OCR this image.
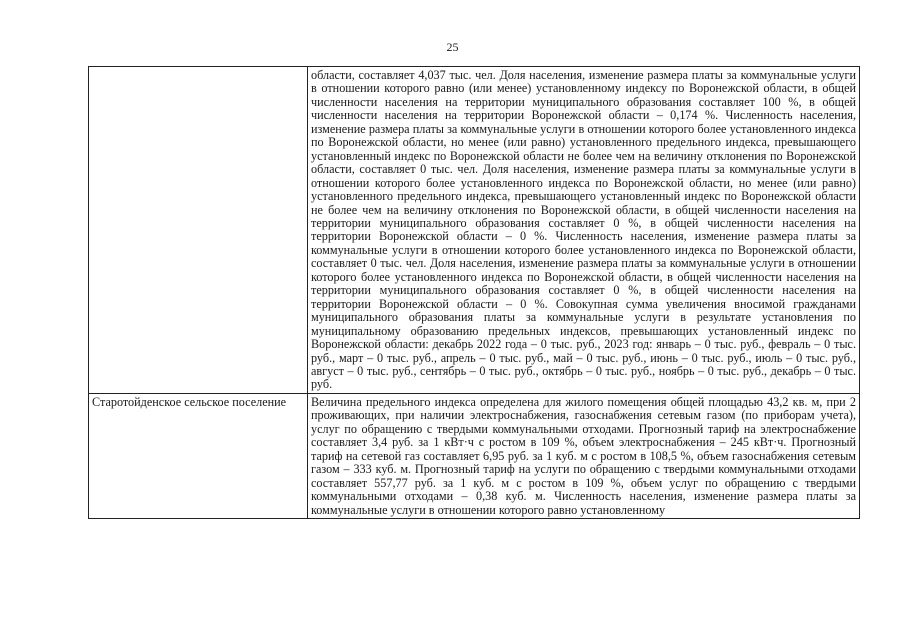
25

	области, составляет 4,037 тыс. чел. Доля населения, изменение размера платы за коммунальные услуги в отношении которого равно (или менее) установленному индексу по Воронежской области, в общей численности населения на территории муниципального образования составляет 100 %, в общей численности населения на территории Воронежской области – 0,174 %. Численность населения, изменение размера платы за коммунальные услуги в отношении которого более установленного индекса по Воронежской области, но менее (или равно) установленного предельного индекса, превышающего установленный индекс по Воронежской области не более чем на величину отклонения по Воронежской области, составляет 0 тыс. чел. Доля населения, изменение размера платы за коммунальные услуги в отношении которого более установленного индекса по Воронежской области, но менее (или равно) установленного предельного индекса, превышающего установленный индекс по Воронежской области не более чем на величину отклонения по Воронежской области, в общей численности населения на территории муниципального образования составляет 0 %, в общей численности населения на территории Воронежской области – 0 %. Численность населения, изменение размера платы за коммунальные услуги в отношении которого более установленного индекса по Воронежской области, составляет 0 тыс. чел. Доля населения, изменение размера платы за коммунальные услуги в отношении которого более установленного индекса по Воронежской области, в общей численности населения на территории муниципального образования составляет 0 %, в общей численности населения на территории Воронежской области – 0 %. Совокупная сумма увеличения вносимой гражданами муниципального образования платы за коммунальные услуги в результате установления по муниципальному образованию предельных индексов, превышающих установленный индекс по Воронежской области: декабрь 2022 года – 0 тыс. руб., 2023 год: январь – 0 тыс. руб., февраль – 0 тыс. руб., март – 0 тыс. руб., апрель – 0 тыс. руб., май – 0 тыс. руб., июнь – 0 тыс. руб., июль – 0 тыс. руб., август – 0 тыс. руб., сентябрь – 0 тыс. руб., октябрь – 0 тыс. руб., ноябрь – 0 тыс. руб., декабрь – 0 тыс. руб.

Старотойденское сельское поселение	Величина предельного индекса определена для жилого помещения общей площадью 43,2 кв. м, при 2 проживающих, при наличии электроснабжения, газоснабжения сетевым газом (по приборам учета), услуг по обращению с твердыми коммунальными отходами. Прогнозный тариф на электроснабжение составляет 3,4 руб. за 1 кВт·ч с ростом в 109 %, объем электроснабжения – 245 кВт·ч. Прогнозный тариф на сетевой газ составляет 6,95 руб. за 1 куб. м с ростом в 108,5 %, объем газоснабжения сетевым газом – 333 куб. м. Прогнозный тариф на услуги по обращению с твердыми коммунальными отходами составляет 557,77 руб. за 1 куб. м с ростом в 109 %, объем услуг по обращению с твердыми коммунальными отходами – 0,38 куб. м. Численность населения, изменение размера платы за коммунальные услуги в отношении которого равно установленному
